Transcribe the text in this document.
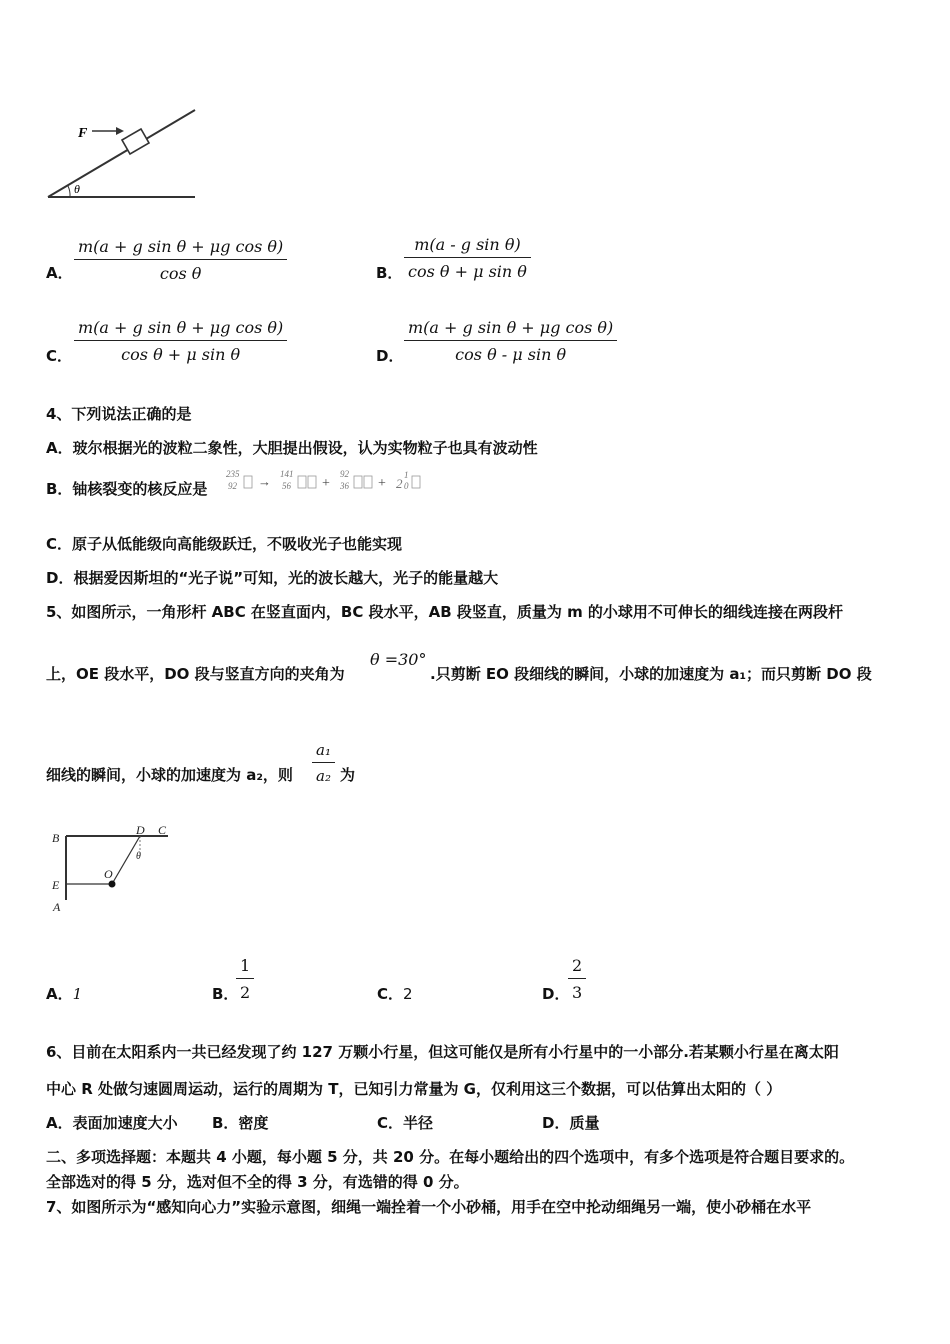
F
θ
A．
m(a + g sin θ + μg cos θ)
cos θ	B．
m(a - g sin θ)
cos θ + μ sin θ
C．
m(a + g sin θ + μg cos θ)
cos θ + μ sin θ	D．
m(a + g sin θ + μg cos θ)
cos θ - μ sin θ
4、下列说法正确的是
A．玻尔根据光的波粒二象性，大胆提出假设，认为实物粒子也具有波动性
B．铀核裂变的核反应是
235
92 → 141
56 +
92
36 + 2
1
0
C．原子从低能级向高能级跃迁，不吸收光子也能实现
D．根据爱因斯坦的“光子说”可知，光的波长越大，光子的能量越大
5、如图所示，一角形杆 ABC 在竖直面内，BC 段水平，AB 段竖直，质量为 m 的小球用不可伸长的细线连接在两段杆
上，OE 段水平，DO 段与竖直方向的夹角为
θ =30°
.只剪断 EO 段细线的瞬间，小球的加速度为 a₁；而只剪断 DO 段
细线的瞬间，小球的加速度为 a₂，则
a₁
a₂ 为
B
D C
E
O
A
θ
A．1	B．
1
2	C．2	D．
2
3
6、目前在太阳系内一共已经发现了约 127 万颗小行星，但这可能仅是所有小行星中的一小部分.若某颗小行星在离太阳
中心 R 处做匀速圆周运动，运行的周期为 T，已知引力常量为 G，仅利用这三个数据，可以估算出太阳的（ ）
A．表面加速度大小 B．密度	C．半径	D．质量
二、多项选择题：本题共 4 小题，每小题 5 分，共 20 分。在每小题给出的四个选项中，有多个选项是符合题目要求的。
全部选对的得 5 分，选对但不全的得 3 分，有选错的得 0 分。
7、如图所示为“感知向心力”实验示意图，细绳一端拴着一个小砂桶，用手在空中抡动细绳另一端，使小砂桶在水平
